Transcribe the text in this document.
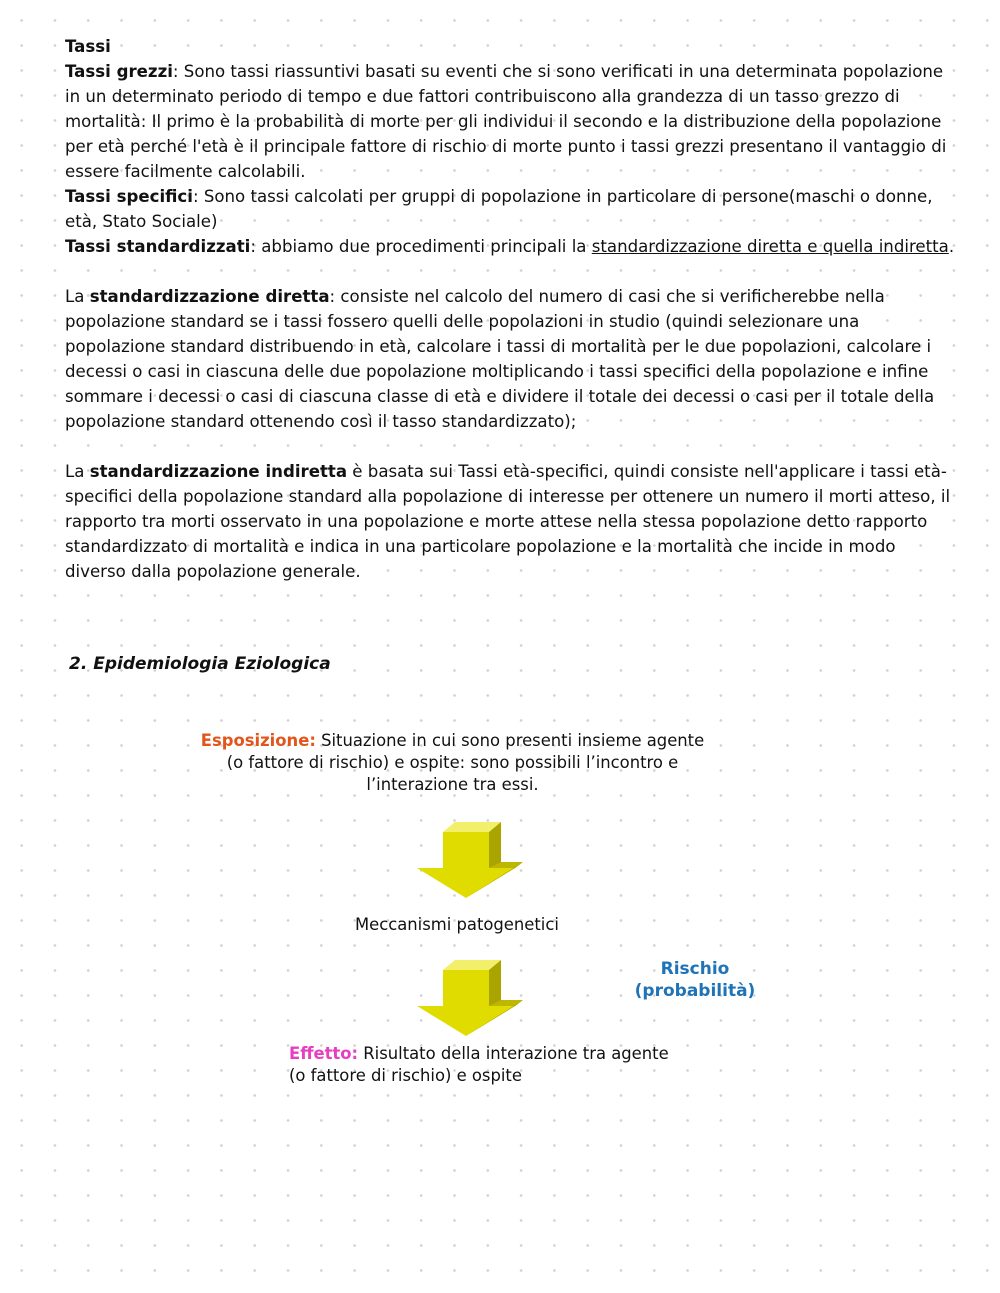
Tassi
Tassi grezzi: Sono tassi riassuntivi basati su eventi che si sono verificati in una determinata popolazione in un determinato periodo di tempo e due fattori contribuiscono alla grandezza di un tasso grezzo di mortalità: Il primo è la probabilità di morte per gli individui il secondo e la distribuzione della popolazione per età perché l'età è il principale fattore di rischio di morte punto i tassi grezzi presentano il vantaggio di essere facilmente calcolabili.
Tassi specifici: Sono tassi calcolati per gruppi di popolazione in particolare di persone(maschi o donne, età, Stato Sociale)
Tassi standardizzati: abbiamo due procedimenti principali la standardizzazione diretta e quella indiretta.

La standardizzazione diretta: consiste nel calcolo del numero di casi che si verificherebbe nella popolazione standard se i tassi fossero quelli delle popolazioni in studio (quindi selezionare una popolazione standard distribuendo in età, calcolare i tassi di mortalità per le due popolazioni, calcolare i decessi o casi in ciascuna delle due popolazione moltiplicando i tassi specifici della popolazione e infine sommare i decessi o casi di ciascuna classe di età e dividere il totale dei decessi o casi per il totale della popolazione standard ottenendo così il tasso standardizzato);

La standardizzazione indiretta è basata sui Tassi età-specifici, quindi consiste nell'applicare i tassi età-specifici della popolazione standard alla popolazione di interesse per ottenere un numero il morti atteso, il rapporto tra morti osservato in una popolazione e morte attese nella stessa popolazione detto rapporto standardizzato di mortalità e indica in una particolare popolazione e la mortalità che incide in modo diverso dalla popolazione generale.

2. Epidemiologia Eziologica
Esposizione: Situazione in cui sono presenti insieme agente (o fattore di rischio) e ospite: sono possibili l’incontro e l’interazione tra essi.
Meccanismi patogenetici
Rischio
(probabilità)
Effetto: Risultato della interazione tra agente (o fattore di rischio) e ospite
